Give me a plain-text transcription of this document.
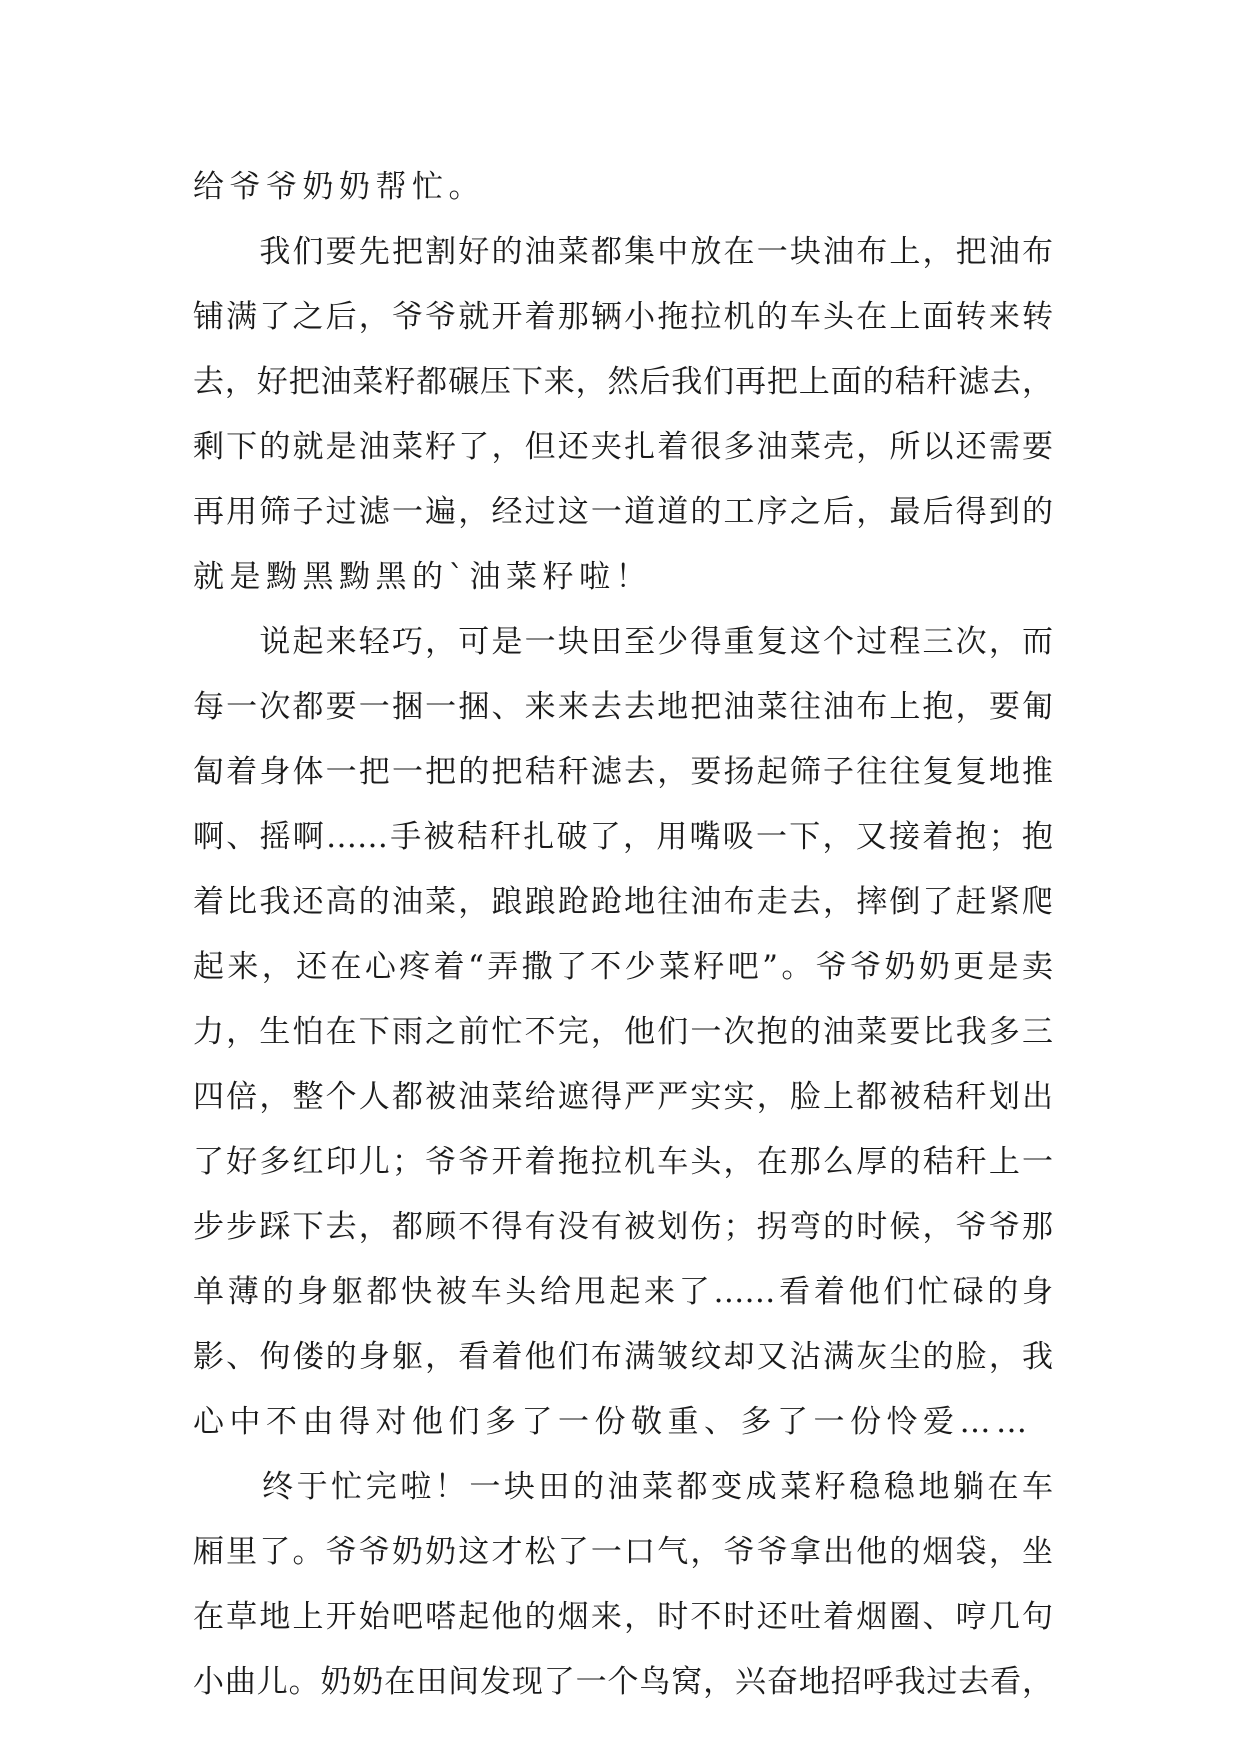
给爷爷奶奶帮忙。
　　我们要先把割好的油菜都集中放在一块油布上，把油布
铺满了之后，爷爷就开着那辆小拖拉机的车头在上面转来转
去，好把油菜籽都碾压下来，然后我们再把上面的秸秆滤去，
剩下的就是油菜籽了，但还夹扎着很多油菜壳，所以还需要
再用筛子过滤一遍，经过这一道道的工序之后，最后得到的
就是黝黑黝黑的`油菜籽啦！
　　说起来轻巧，可是一块田至少得重复这个过程三次，而
每一次都要一捆一捆、来来去去地把油菜往油布上抱，要匍
匐着身体一把一把的把秸秆滤去，要扬起筛子往往复复地推
啊、摇啊……手被秸秆扎破了，用嘴吸一下，又接着抱；抱
着比我还高的油菜，踉踉跄跄地往油布走去，摔倒了赶紧爬
起来，还在心疼着“弄撒了不少菜籽吧”。爷爷奶奶更是卖
力，生怕在下雨之前忙不完，他们一次抱的油菜要比我多三
四倍，整个人都被油菜给遮得严严实实，脸上都被秸秆划出
了好多红印儿；爷爷开着拖拉机车头，在那么厚的秸秆上一
步步踩下去，都顾不得有没有被划伤；拐弯的时候，爷爷那
单薄的身躯都快被车头给甩起来了……看着他们忙碌的身
影、佝偻的身躯，看着他们布满皱纹却又沾满灰尘的脸，我
心中不由得对他们多了一份敬重、多了一份怜爱……
　　终于忙完啦！一块田的油菜都变成菜籽稳稳地躺在车
厢里了。爷爷奶奶这才松了一口气，爷爷拿出他的烟袋，坐
在草地上开始吧嗒起他的烟来，时不时还吐着烟圈、哼几句
小曲儿。奶奶在田间发现了一个鸟窝，兴奋地招呼我过去看，
